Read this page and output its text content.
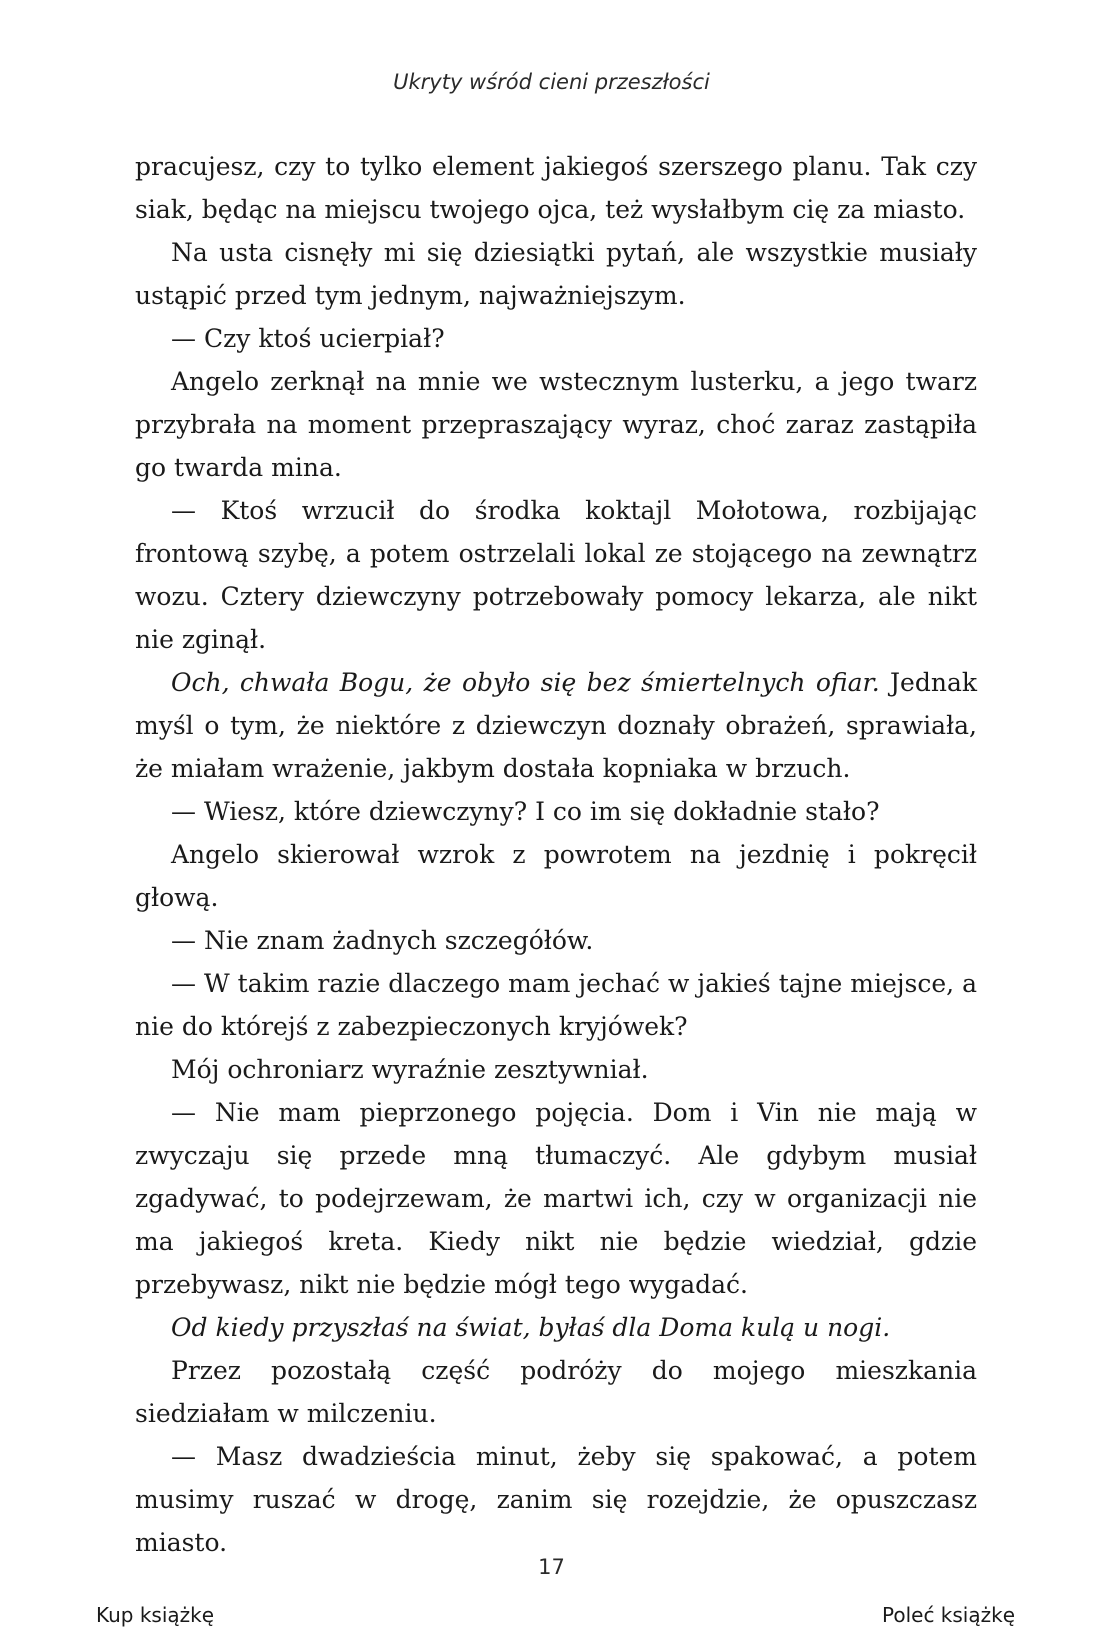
Ukryty wśród cieni przeszłości

pracujesz, czy to tylko element jakiegoś szerszego planu. Tak czy siak, będąc na miejscu twojego ojca, też wysłałbym cię za miasto.

Na usta cisnęły mi się dziesiątki pytań, ale wszystkie musiały ustąpić przed tym jednym, najważniejszym.

— Czy ktoś ucierpiał?

Angelo zerknął na mnie we wstecznym lusterku, a jego twarz przybrała na moment przepraszający wyraz, choć zaraz zastąpiła go twarda mina.

— Ktoś wrzucił do środka koktajl Mołotowa, rozbijając frontową szybę, a potem ostrzelali lokal ze stojącego na zewnątrz wozu. Cztery dziewczyny potrzebowały pomocy lekarza, ale nikt nie zginął.

Och, chwała Bogu, że obyło się bez śmiertelnych ofiar. Jednak myśl o tym, że niektóre z dziewczyn doznały obrażeń, sprawiała, że miałam wrażenie, jakbym dostała kopniaka w brzuch.

— Wiesz, które dziewczyny? I co im się dokładnie stało?

Angelo skierował wzrok z powrotem na jezdnię i pokręcił głową.

— Nie znam żadnych szczegółów.

— W takim razie dlaczego mam jechać w jakieś tajne miejsce, a nie do którejś z zabezpieczonych kryjówek?

Mój ochroniarz wyraźnie zesztywniał.

— Nie mam pieprzonego pojęcia. Dom i Vin nie mają w zwyczaju się przede mną tłumaczyć. Ale gdybym musiał zgadywać, to podejrzewam, że martwi ich, czy w organizacji nie ma jakiegoś kreta. Kiedy nikt nie będzie wiedział, gdzie przebywasz, nikt nie będzie mógł tego wygadać.

Od kiedy przyszłaś na świat, byłaś dla Doma kulą u nogi.

Przez pozostałą część podróży do mojego mieszkania siedziałam w milczeniu.

— Masz dwadzieścia minut, żeby się spakować, a potem musimy ruszać w drogę, zanim się rozejdzie, że opuszczasz miasto.

17
Kup książkę	Poleć książkę
